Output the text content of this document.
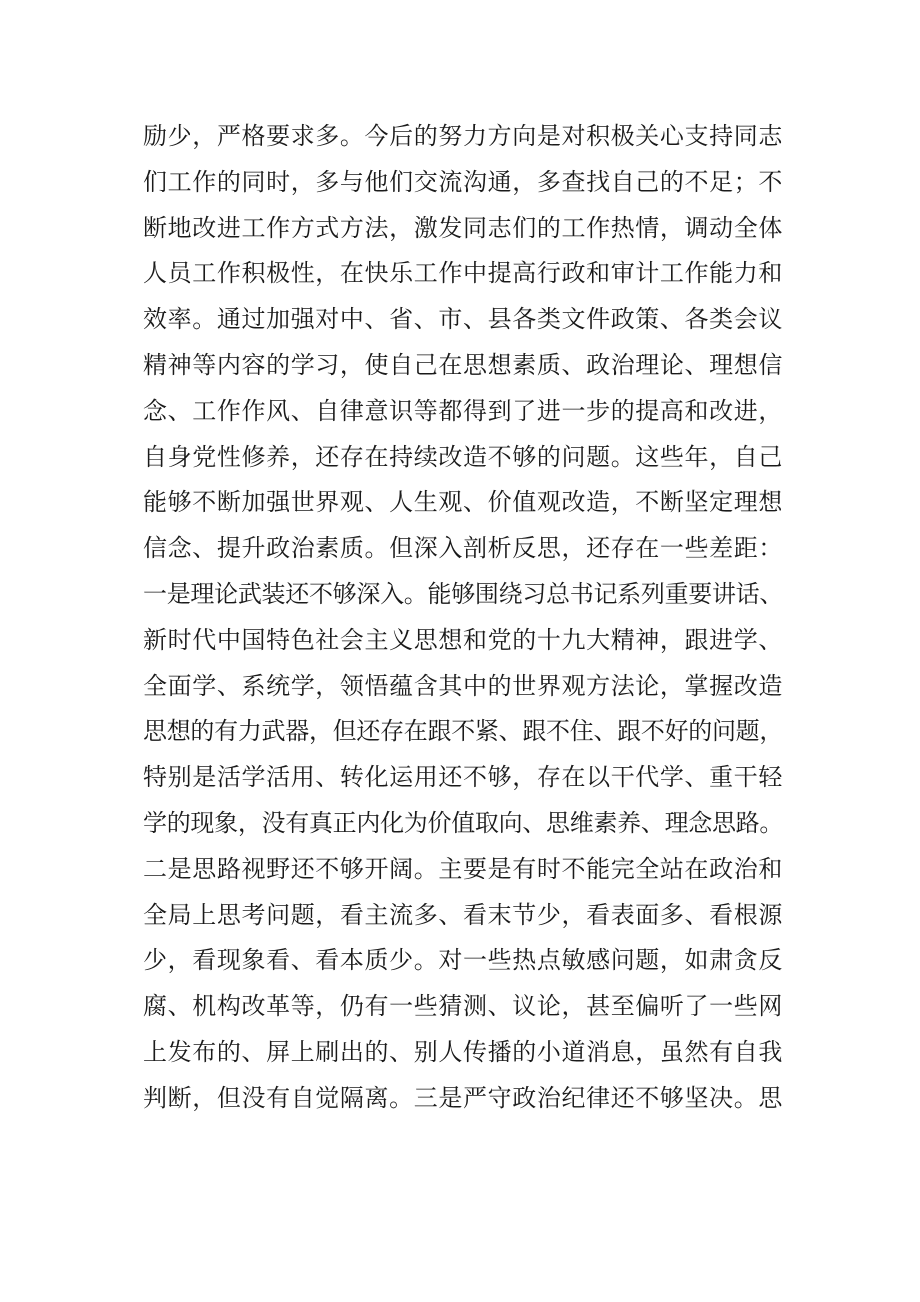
励少，严格要求多。今后的努力方向是对积极关心支持同志
们工作的同时，多与他们交流沟通，多查找自己的不足；不
断地改进工作方式方法，激发同志们的工作热情，调动全体
人员工作积极性，在快乐工作中提高行政和审计工作能力和
效率。通过加强对中、省、市、县各类文件政策、各类会议
精神等内容的学习，使自己在思想素质、政治理论、理想信
念、工作作风、自律意识等都得到了进一步的提高和改进，
自身党性修养，还存在持续改造不够的问题。这些年，自己
能够不断加强世界观、人生观、价值观改造，不断坚定理想
信念、提升政治素质。但深入剖析反思，还存在一些差距：
一是理论武装还不够深入。能够围绕习总书记系列重要讲话、
新时代中国特色社会主义思想和党的十九大精神，跟进学、
全面学、系统学，领悟蕴含其中的世界观方法论，掌握改造
思想的有力武器，但还存在跟不紧、跟不住、跟不好的问题，
特别是活学活用、转化运用还不够，存在以干代学、重干轻
学的现象，没有真正内化为价值取向、思维素养、理念思路。
二是思路视野还不够开阔。主要是有时不能完全站在政治和
全局上思考问题，看主流多、看末节少，看表面多、看根源
少，看现象看、看本质少。对一些热点敏感问题，如肃贪反
腐、机构改革等，仍有一些猜测、议论，甚至偏听了一些网
上发布的、屏上刷出的、别人传播的小道消息，虽然有自我
判断，但没有自觉隔离。三是严守政治纪律还不够坚决。思
